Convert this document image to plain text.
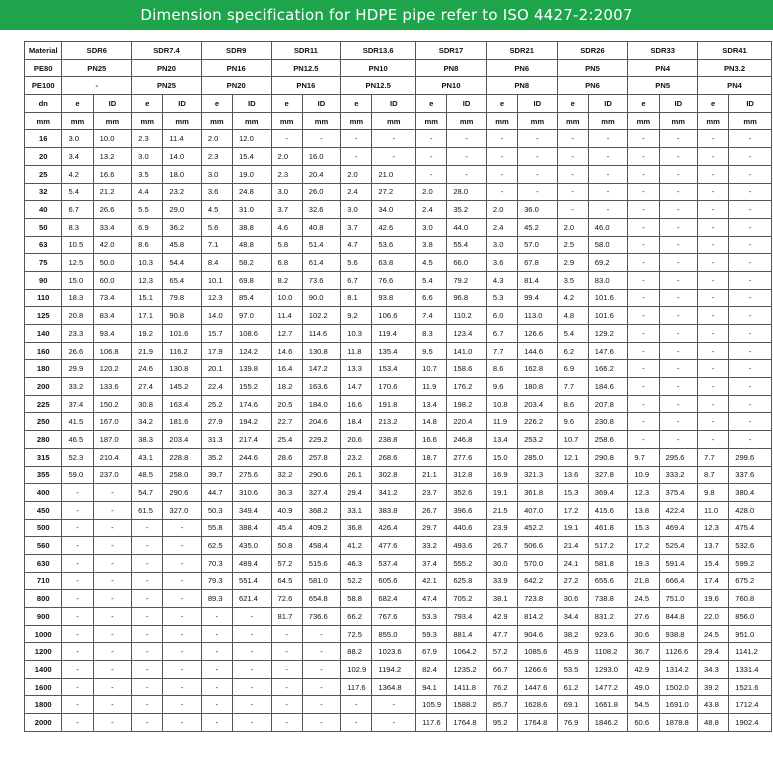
Dimension specification for HDPE pipe refer to ISO 4427-2:2007
Material	SDR6		SDR7.4		SDR9		SDR11		SDR13.6		SDR17		SDR21		SDR26		SDR33		SDR41	
PE80	PN25		PN20		PN16		PN12.5		PN10		PN8		PN6		PN5		PN4		PN3.2	
PE100	-		PN25		PN20		PN16		PN12.5		PN10		PN8		PN6		PN5		PN4	
dn	e	ID	e	ID	e	ID	e	ID	e	ID	e	ID	e	ID	e	ID	e	ID	e	ID
mm	mm	mm	mm	mm	mm	mm	mm	mm	mm	mm	mm	mm	mm	mm	mm	mm	mm	mm	mm	mm
16	3.0	10.0	2.3	11.4	2.0	12.0	-	-	-	-	-	-	-	-	-	-	-	-	-	-
20	3.4	13.2	3.0	14.0	2.3	15.4	2.0	16.0	-	-	-	-	-	-	-	-	-	-	-	-
25	4.2	16.6	3.5	18.0	3.0	19.0	2.3	20.4	2.0	21.0	-	-	-	-	-	-	-	-	-	-
32	5.4	21.2	4.4	23.2	3.6	24.8	3.0	26.0	2.4	27.2	2.0	28.0	-	-	-	-	-	-	-	-
40	6.7	26.6	5.5	29.0	4.5	31.0	3.7	32.6	3.0	34.0	2.4	35.2	2.0	36.0	-	-	-	-	-	-
50	8.3	33.4	6.9	36.2	5.6	38.8	4.6	40.8	3.7	42.6	3.0	44.0	2.4	45.2	2.0	46.0	-	-	-	-
63	10.5	42.0	8.6	45.8	7.1	48.8	5.8	51.4	4.7	53.6	3.8	55.4	3.0	57.0	2.5	58.0	-	-	-	-
75	12.5	50.0	10.3	54.4	8.4	58.2	6.8	61.4	5.6	63.8	4.5	66.0	3.6	67.8	2.9	69.2	-	-	-	-
90	15.0	60.0	12.3	65.4	10.1	69.8	8.2	73.6	6.7	76.6	5.4	79.2	4.3	81.4	3.5	83.0	-	-	-	-
110	18.3	73.4	15.1	79.8	12.3	85.4	10.0	90.0	8.1	93.8	6.6	96.8	5.3	99.4	4.2	101.6	-	-	-	-
125	20.8	83.4	17.1	90.8	14.0	97.0	11.4	102.2	9.2	106.6	7.4	110.2	6.0	113.0	4.8	101.6	-	-	-	-
140	23.3	93.4	19.2	101.6	15.7	108.6	12.7	114.6	10.3	119.4	8.3	123.4	6.7	126.6	5.4	129.2	-	-	-	-
160	26.6	106.8	21.9	116.2	17.9	124.2	14.6	130.8	11.8	135.4	9.5	141.0	7.7	144.6	6.2	147.6	-	-	-	-
180	29.9	120.2	24.6	130.8	20.1	139.8	16.4	147.2	13.3	153.4	10.7	158.6	8.6	162.8	6.9	166.2	-	-	-	-
200	33.2	133.6	27.4	145.2	22.4	155.2	18.2	163.6	14.7	170.6	11.9	176.2	9.6	180.8	7.7	184.6	-	-	-	-
225	37.4	150.2	30.8	163.4	25.2	174.6	20.5	184.0	16.6	191.8	13.4	198.2	10.8	203.4	8.6	207.8	-	-	-	-
250	41.5	167.0	34.2	181.6	27.9	194.2	22.7	204.6	18.4	213.2	14.8	220.4	11.9	226.2	9.6	230.8	-	-	-	-
280	46.5	187.0	38.3	203.4	31.3	217.4	25.4	229.2	20.6	238.8	16.6	246.8	13.4	253.2	10.7	258.6	-	-	-	-
315	52.3	210.4	43.1	228.8	35.2	244.6	28.6	257.8	23.2	268.6	18.7	277.6	15.0	285.0	12.1	290.8	9.7	295.6	7.7	299.6
355	59.0	237.0	48.5	258.0	39.7	275.6	32.2	290.6	26.1	302.8	21.1	312.8	16.9	321.3	13.6	327.8	10.9	333.2	8.7	337.6
400	-	-	54.7	290.6	44.7	310.6	36.3	327.4	29.4	341.2	23.7	352.6	19.1	361.8	15.3	369.4	12.3	375.4	9.8	380.4
450	-	-	61.5	327.0	50.3	349.4	40.9	368.2	33.1	383.8	26.7	396.6	21.5	407.0	17.2	415.6	13.8	422.4	11.0	428.0
500	-	-	-	-	55.8	388.4	45.4	409.2	36.8	426.4	29.7	440.6	23.9	452.2	19.1	461.8	15.3	469.4	12.3	475.4
560	-	-	-	-	62.5	435.0	50.8	458.4	41.2	477.6	33.2	493.6	26.7	506.6	21.4	517.2	17.2	525.4	13.7	532.6
630	-	-	-	-	70.3	489.4	57.2	515.6	46.3	537.4	37.4	555.2	30.0	570.0	24.1	581.8	19.3	591.4	15.4	599.2
710	-	-	-	-	79.3	551.4	64.5	581.0	52.2	605.6	42.1	625.8	33.9	642.2	27.2	655.6	21.8	666.4	17.4	675.2
800	-	-	-	-	89.3	621.4	72.6	654.8	58.8	682.4	47.4	705.2	38.1	723.8	30.6	738.8	24.5	751.0	19.6	760.8
900	-	-	-	-	-	-	81.7	736.6	66.2	767.6	53.3	793.4	42.9	814.2	34.4	831.2	27.6	844.8	22.0	856.0
1000	-	-	-	-	-	-	-	-	72.5	855.0	59.3	881.4	47.7	904.6	38.2	923.6	30.6	938.8	24.5	951.0
1200	-	-	-	-	-	-	-	-	88.2	1023.6	67.9	1064.2	57.2	1085.6	45.9	1108.2	36.7	1126.6	29.4	1141.2
1400	-	-	-	-	-	-	-	-	102.9	1194.2	82.4	1235.2	66.7	1266.6	53.5	1293.0	42.9	1314.2	34.3	1331.4
1600	-	-	-	-	-	-	-	-	117.6	1364.8	94.1	1411.8	76.2	1447.6	61.2	1477.2	49.0	1502.0	39.2	1521.6
1800	-	-	-	-	-	-	-	-	-	-	105.9	1588.2	85.7	1628.6	69.1	1661.8	54.5	1691.0	43.8	1712.4
2000	-	-	-	-	-	-	-	-	-	-	117.6	1764.8	95.2	1764.8	76.9	1846.2	60.6	1878.8	48.8	1902.4
